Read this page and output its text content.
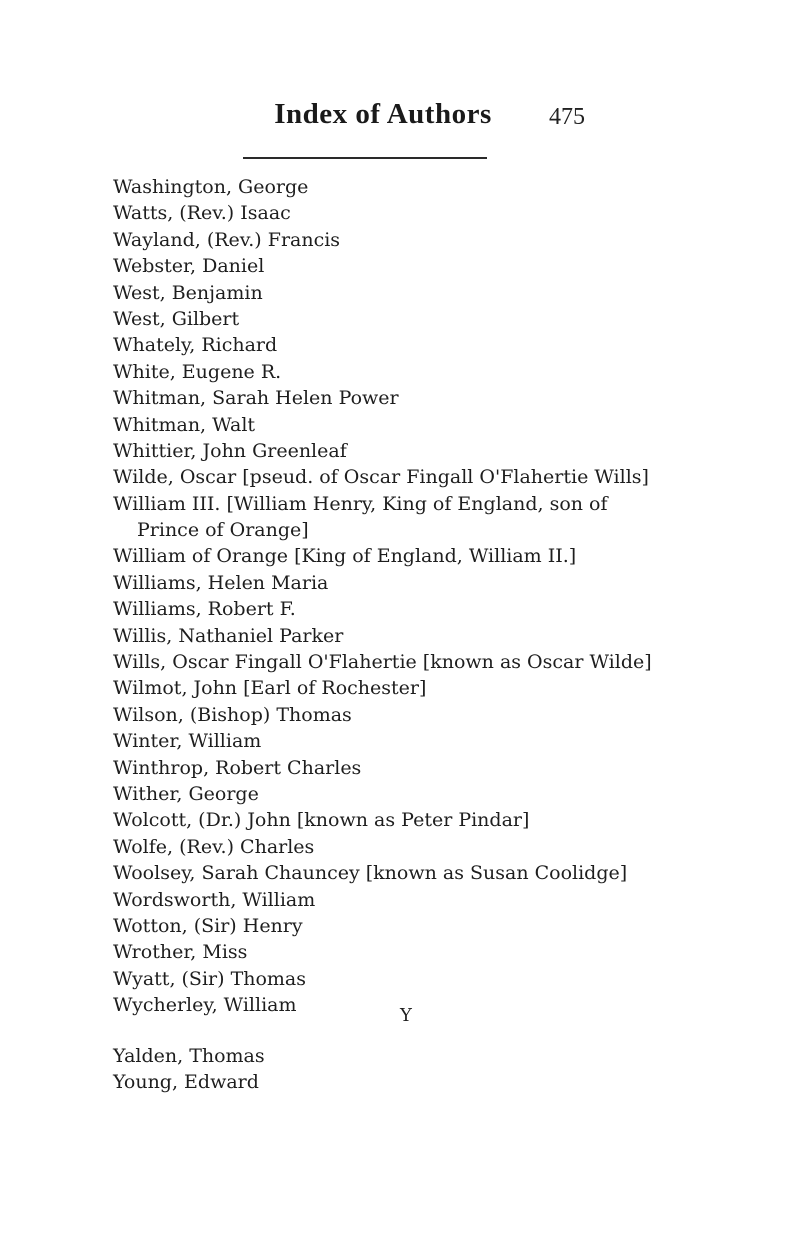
Index of Authors	475
Washington, George
Watts, (Rev.) Isaac
Wayland, (Rev.) Francis
Webster, Daniel
West, Benjamin
West, Gilbert
Whately, Richard
White, Eugene R.
Whitman, Sarah Helen Power
Whitman, Walt
Whittier, John Greenleaf
Wilde, Oscar [pseud. of Oscar Fingall O'Flahertie Wills]
William III. [William Henry, King of England, son of
Prince of Orange]
William of Orange [King of England, William II.]
Williams, Helen Maria
Williams, Robert F.
Willis, Nathaniel Parker
Wills, Oscar Fingall O'Flahertie [known as Oscar Wilde]
Wilmot, John [Earl of Rochester]
Wilson, (Bishop) Thomas
Winter, William
Winthrop, Robert Charles
Wither, George
Wolcott, (Dr.) John [known as Peter Pindar]
Wolfe, (Rev.) Charles
Woolsey, Sarah Chauncey [known as Susan Coolidge]
Wordsworth, William
Wotton, (Sir) Henry
Wrother, Miss
Wyatt, (Sir) Thomas
Wycherley, William	Y
Yalden, Thomas
Young, Edward
